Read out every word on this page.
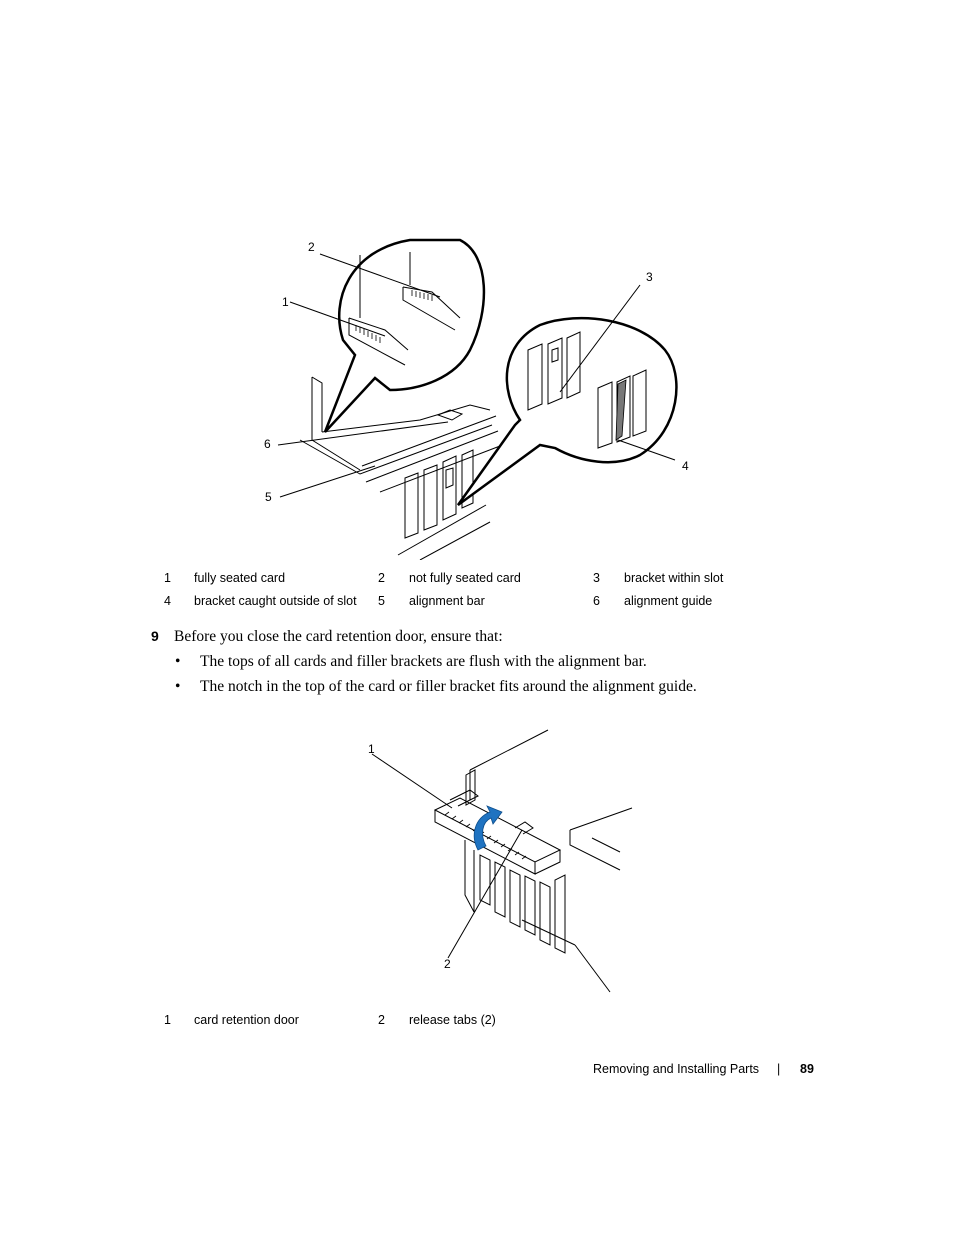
1
2
3
4
5
6
1 fully seated card	2 not fully seated card	3 bracket within slot
4 bracket caught outside of slot 5 alignment bar	6 alignment guide
9 Before you close the card retention door, ensure that:
• The tops of all cards and filler brackets are flush with the alignment bar.
• The notch in the top of the card or filler bracket fits around the alignment guide.
1
2
1 card retention door	2 release tabs (2)
Removing and Installing Parts | 89
